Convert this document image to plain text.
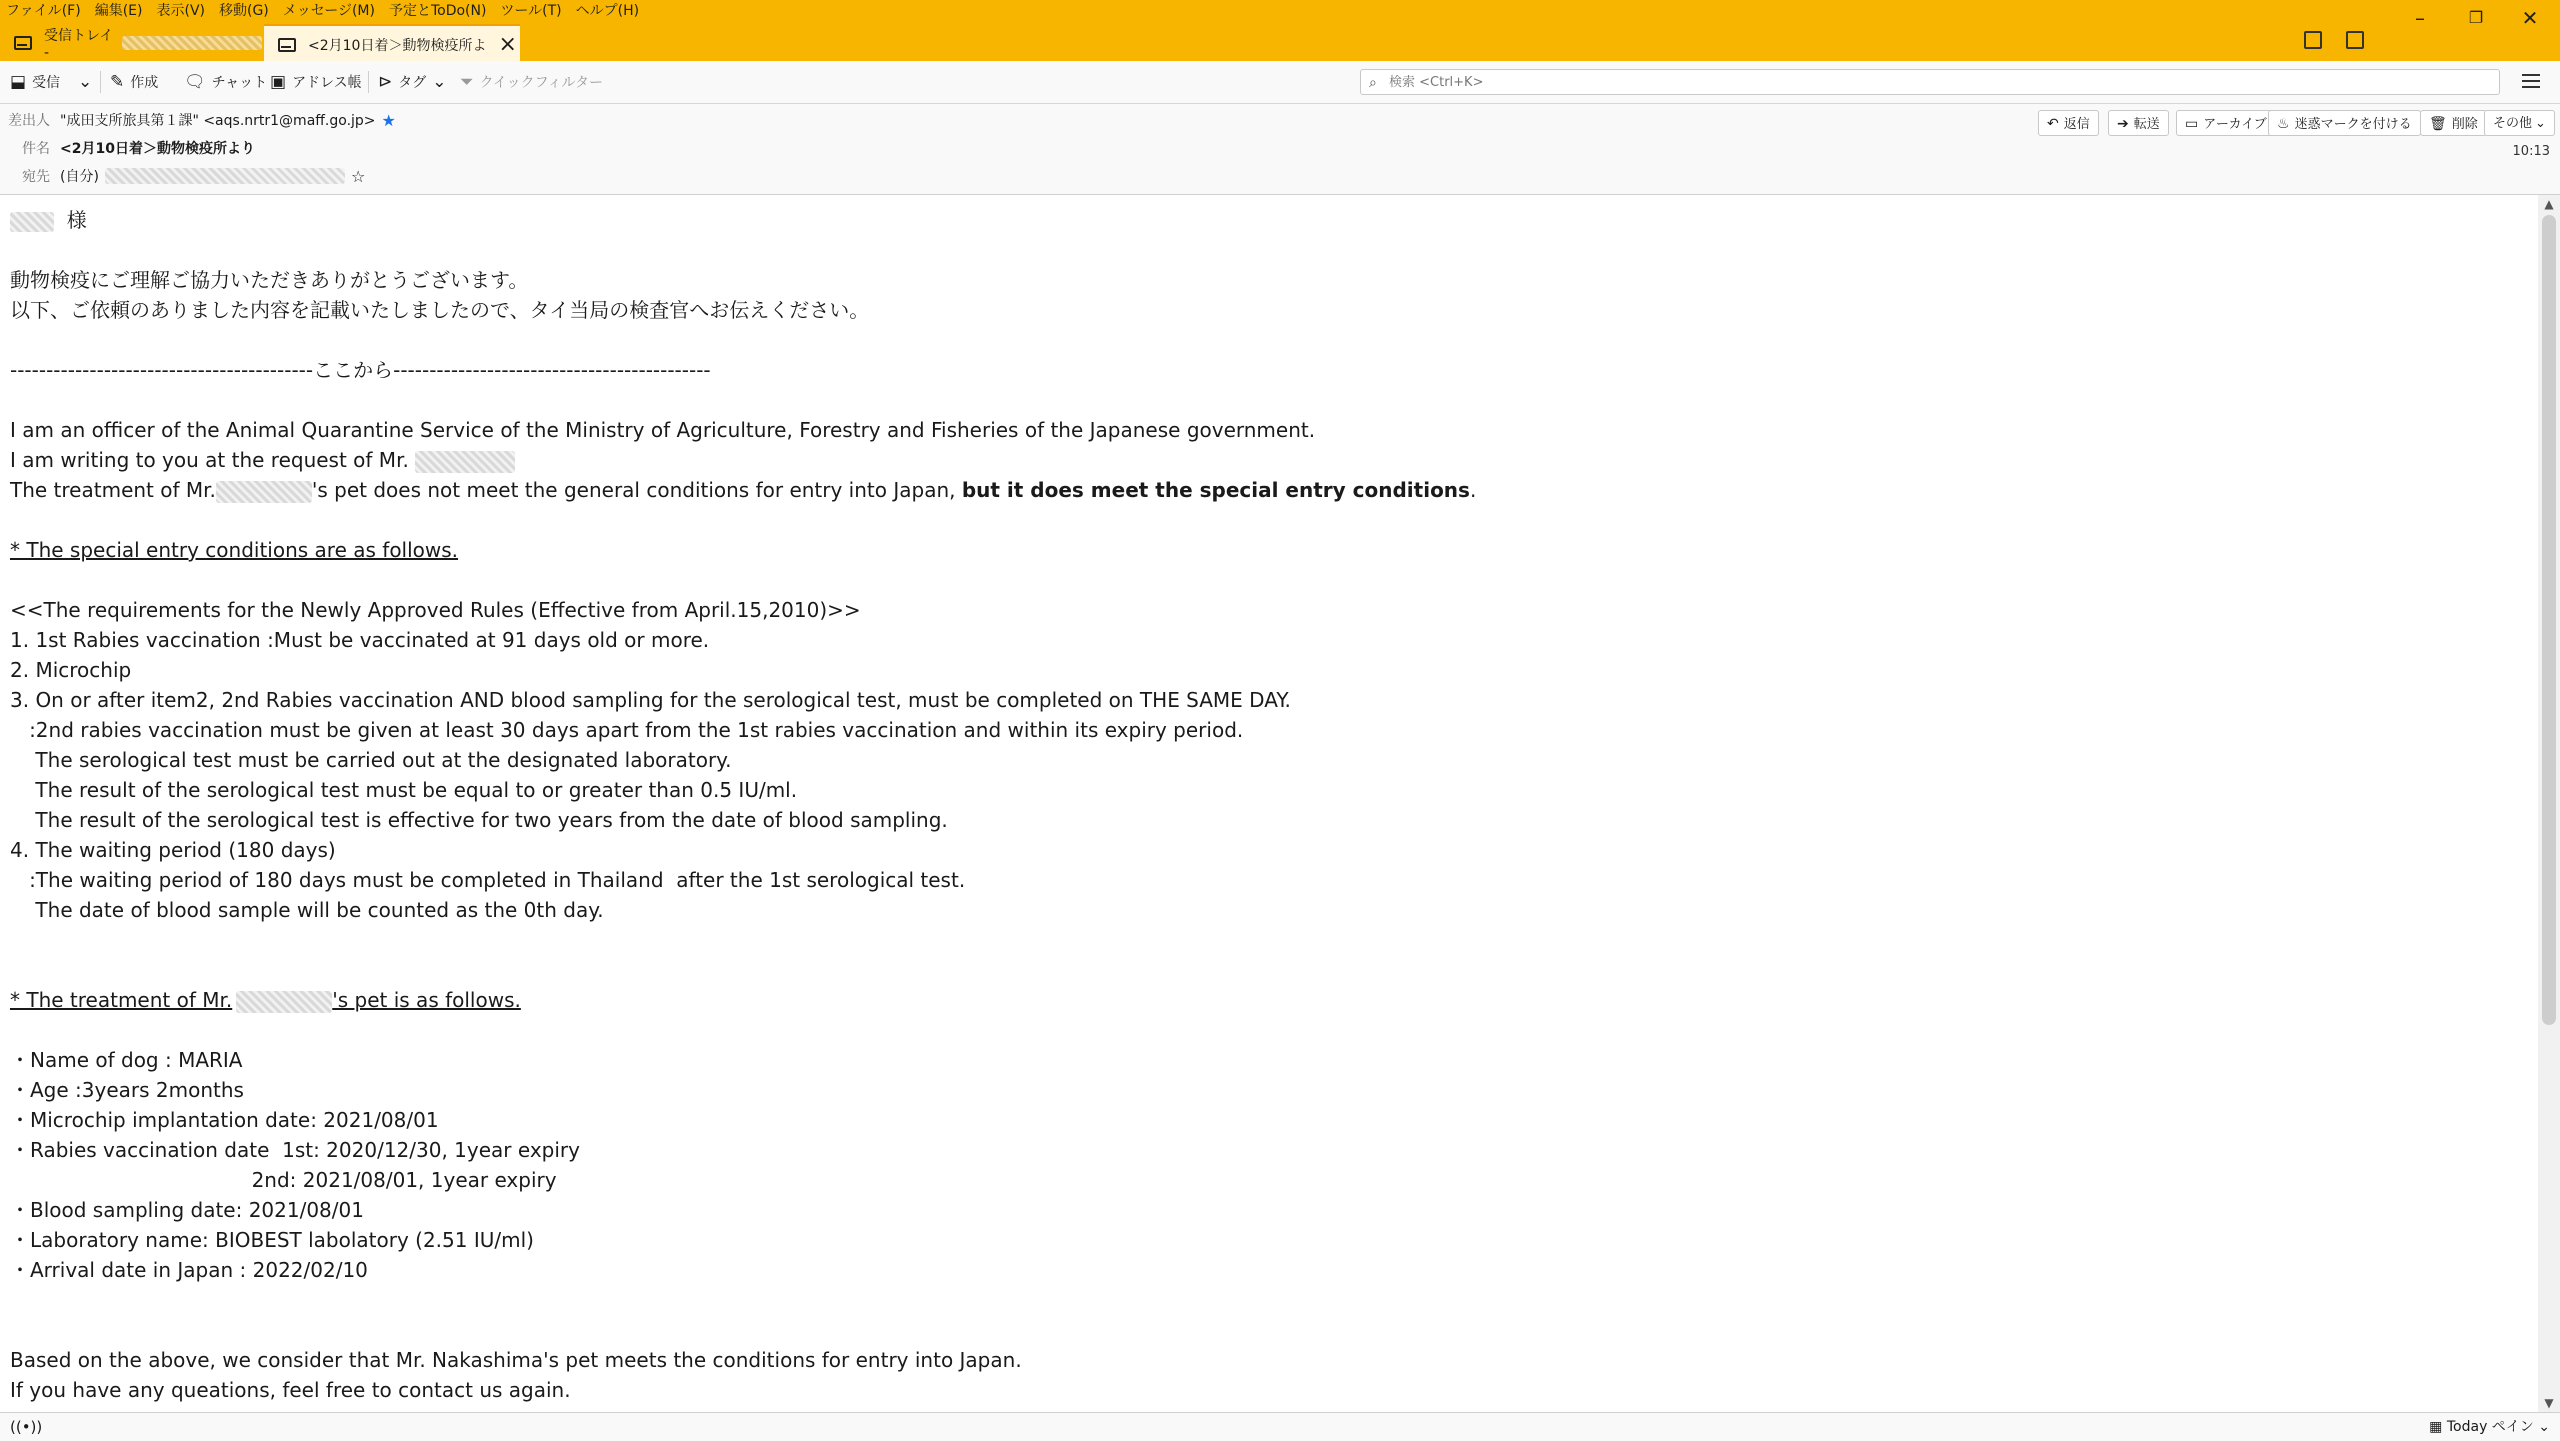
ファイル(F) 編集(E) 表示(V) 移動(G) メッセージ(M) 予定とToDo(N) ツール(T) ヘルプ(H)	–	❐	✕
受信トレイ -	<2月10日着＞動物検疫所よ ×
⬓ 受信 ⌄ ✎ 作成 🗨 チャット ▣ アドレス帳 ⊳ タグ ⌄ ⏷ クイックフィルター	⌕ 検索 <Ctrl+K>
差出人 "成田支所旅具第１課" <aqs.nrtr1@maff.go.jp> ★
件名 <2月10日着＞動物検疫所より
宛先 (自分)	☆
↶ 返信	➔ 転送	▭ アーカイブ ♨ 迷惑マークを付ける	🗑 削除	その他 ⌄
10:13
様
動物検疫にご理解ご協力いただきありがとうございます。
以下、ご依頼のありました内容を記載いたしましたので、タイ当局の検査官へお伝えください。
------------------------------------------ここから--------------------------------------------
I am an officer of the Animal Quarantine Service of the Ministry of Agriculture, Forestry and Fisheries of the Japanese government.
I am writing to you at the request of Mr.
The treatment of Mr.	's pet does not meet the general conditions for entry into Japan, but it does meet the special entry conditions.
* The special entry conditions are as follows.
<<The requirements for the Newly Approved Rules (Effective from April.15,2010)>>
1. 1st Rabies vaccination :Must be vaccinated at 91 days old or more.
2. Microchip
3. On or after item2, 2nd Rabies vaccination AND blood sampling for the serological test, must be completed on THE SAME DAY.
:2nd rabies vaccination must be given at least 30 days apart from the 1st rabies vaccination and within its expiry period.
The serological test must be carried out at the designated laboratory.
The result of the serological test must be equal to or greater than 0.5 IU/ml.
The result of the serological test is effective for two years from the date of blood sampling.
4. The waiting period (180 days)
:The waiting period of 180 days must be completed in Thailand  after the 1st serological test.
The date of blood sample will be counted as the 0th day.
* The treatment of Mr.	's pet is as follows.
・Name of dog : MARIA
・Age :3years 2months
・Microchip implantation date: 2021/08/01
・Rabies vaccination date  1st: 2020/12/30, 1year expiry
2nd: 2021/08/01, 1year expiry
・Blood sampling date: 2021/08/01
・Laboratory name: BIOBEST labolatory (2.51 IU/ml)
・Arrival date in Japan : 2022/02/10
Based on the above, we consider that Mr. Nakashima's pet meets the conditions for entry into Japan.
If you have any queations, feel free to contact us again.
▲
▼
((•))	▦ Today ペイン ⌄
